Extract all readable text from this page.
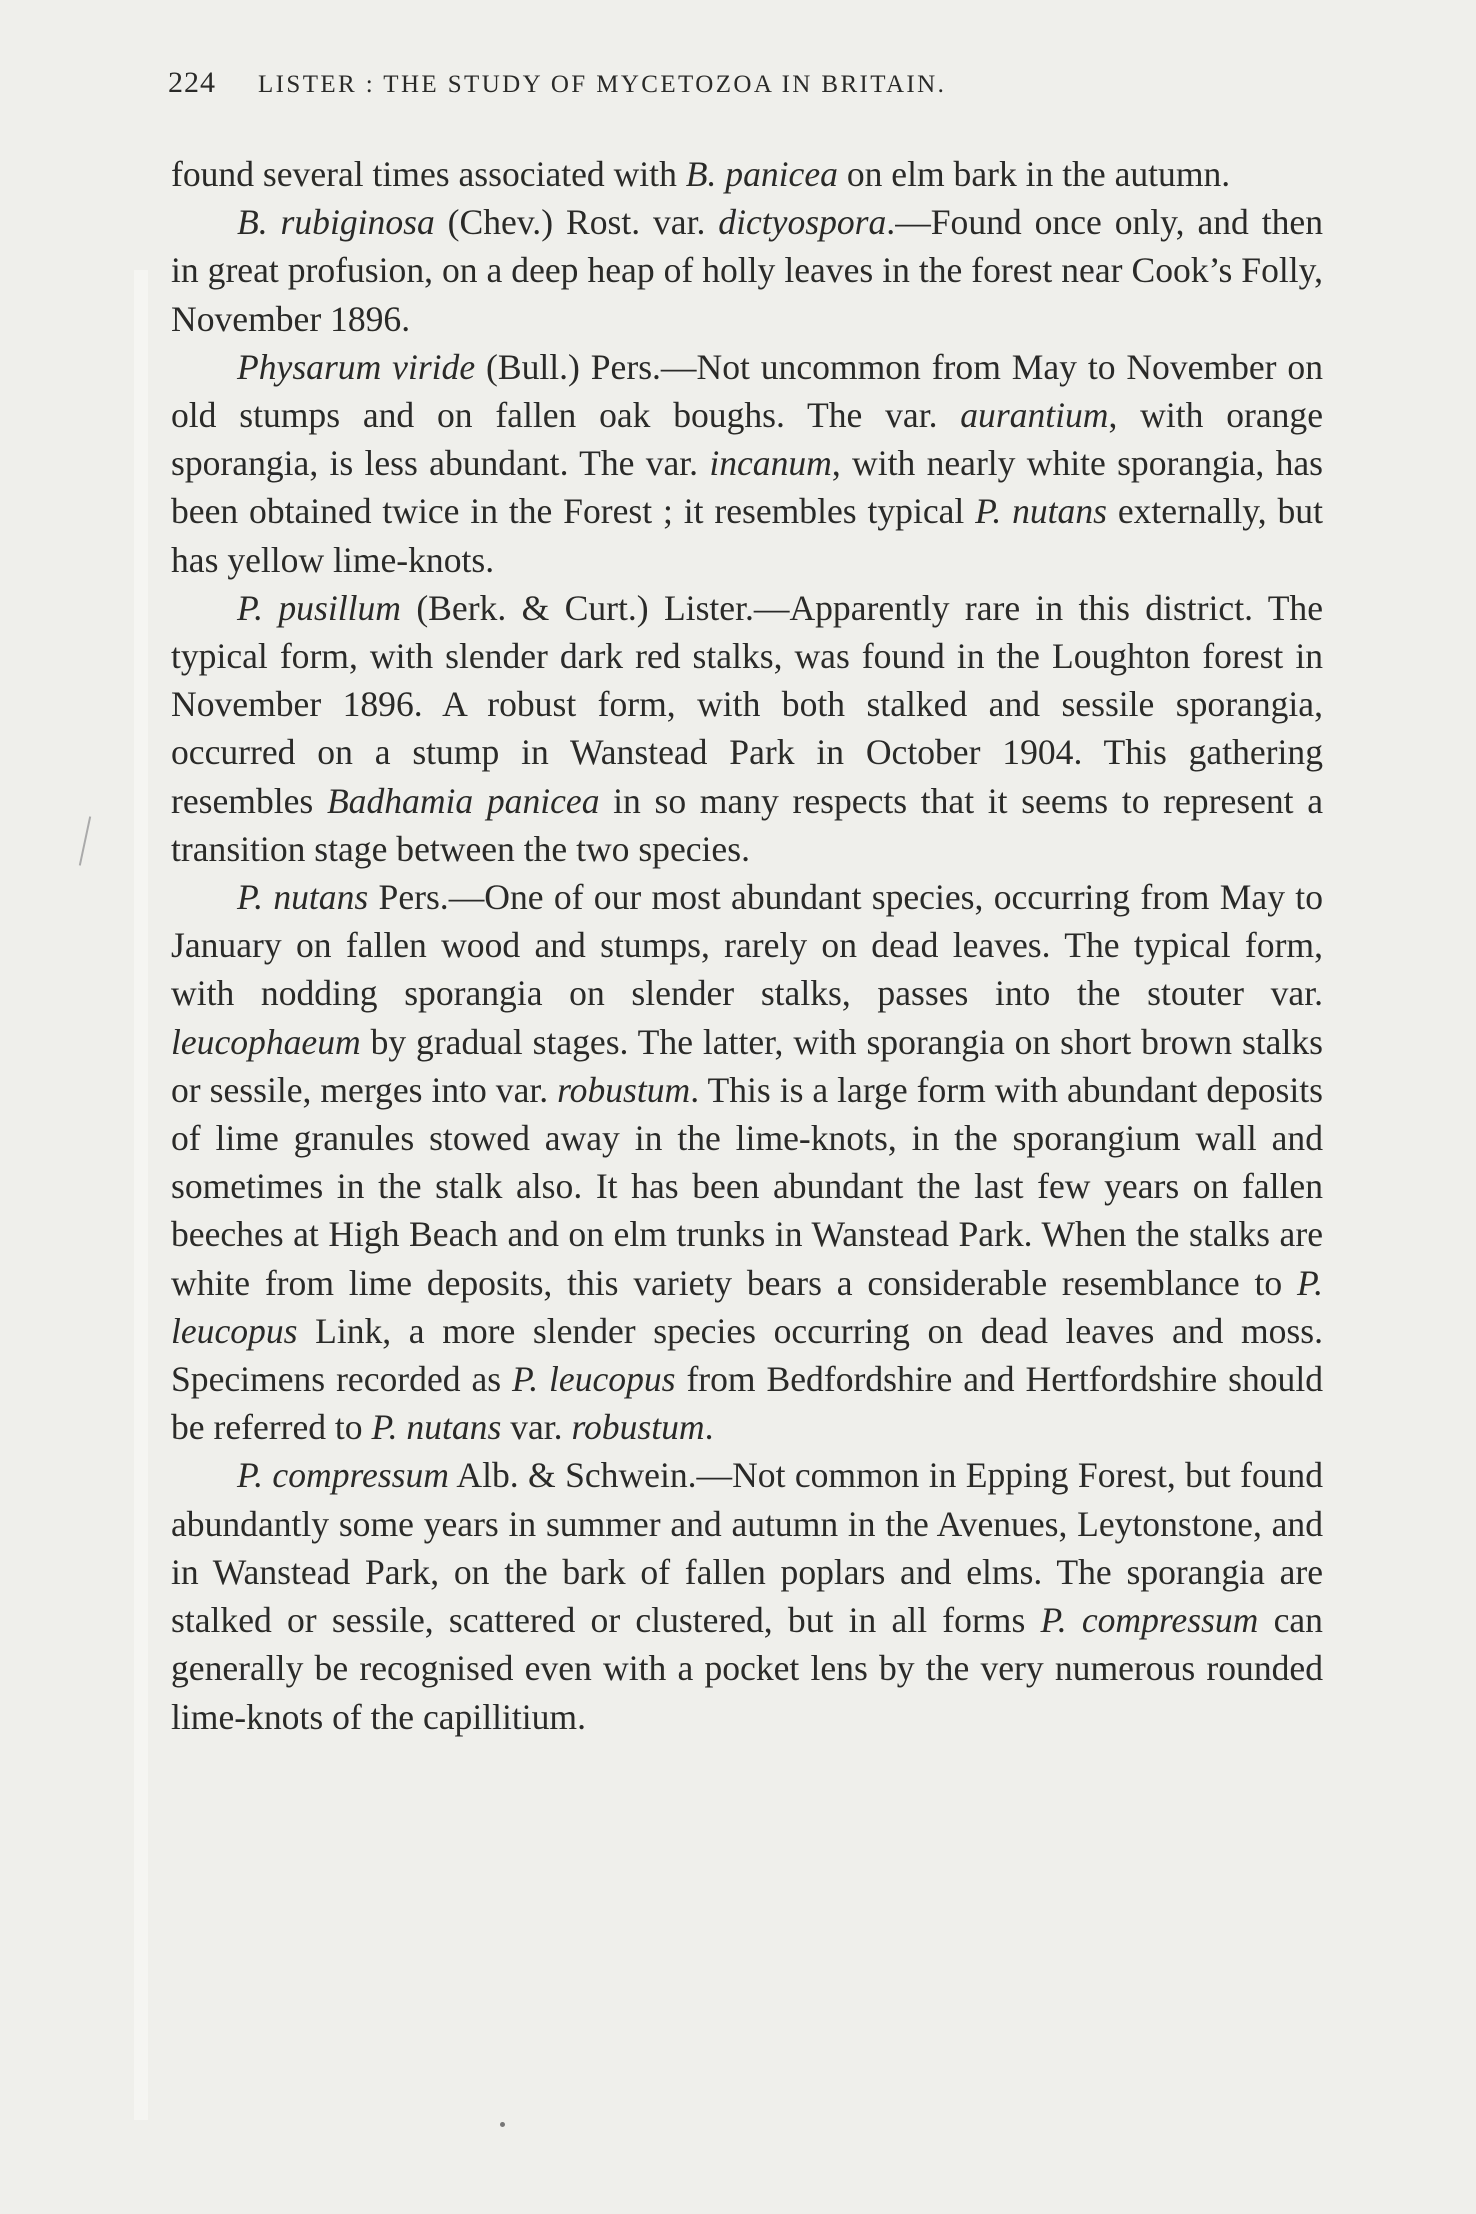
224 LISTER : THE STUDY OF MYCETOZOA IN BRITAIN.

found several times associated with B. panicea on elm bark in the autumn.

B. rubiginosa (Chev.) Rost. var. dictyospora.—Found once only, and then in great profusion, on a deep heap of holly leaves in the forest near Cook’s Folly, November 1896.

Physarum viride (Bull.) Pers.—Not uncommon from May to November on old stumps and on fallen oak boughs. The var. aurantium, with orange sporangia, is less abundant. The var. incanum, with nearly white sporangia, has been obtained twice in the Forest ; it resembles typical P. nutans externally, but has yellow lime-knots.

P. pusillum (Berk. & Curt.) Lister.—Apparently rare in this district. The typical form, with slender dark red stalks, was found in the Loughton forest in November 1896. A robust form, with both stalked and sessile sporangia, occurred on a stump in Wanstead Park in October 1904. This gathering resembles Badhamia panicea in so many respects that it seems to represent a transition stage between the two species.

P. nutans Pers.—One of our most abundant species, occurring from May to January on fallen wood and stumps, rarely on dead leaves. The typical form, with nodding sporangia on slender stalks, passes into the stouter var. leucophaeum by gradual stages. The latter, with sporangia on short brown stalks or sessile, merges into var. robustum. This is a large form with abundant deposits of lime granules stowed away in the lime-knots, in the sporangium wall and sometimes in the stalk also. It has been abundant the last few years on fallen beeches at High Beach and on elm trunks in Wanstead Park. When the stalks are white from lime deposits, this variety bears a considerable resemblance to P. leucopus Link, a more slender species occurring on dead leaves and moss. Specimens recorded as P. leucopus from Bedfordshire and Hertfordshire should be referred to P. nutans var. robustum.

P. compressum Alb. & Schwein.—Not common in Epping Forest, but found abundantly some years in summer and autumn in the Avenues, Leytonstone, and in Wanstead Park, on the bark of fallen poplars and elms. The sporangia are stalked or sessile, scattered or clustered, but in all forms P. compressum can generally be recognised even with a pocket lens by the very numerous rounded lime-knots of the capillitium.
